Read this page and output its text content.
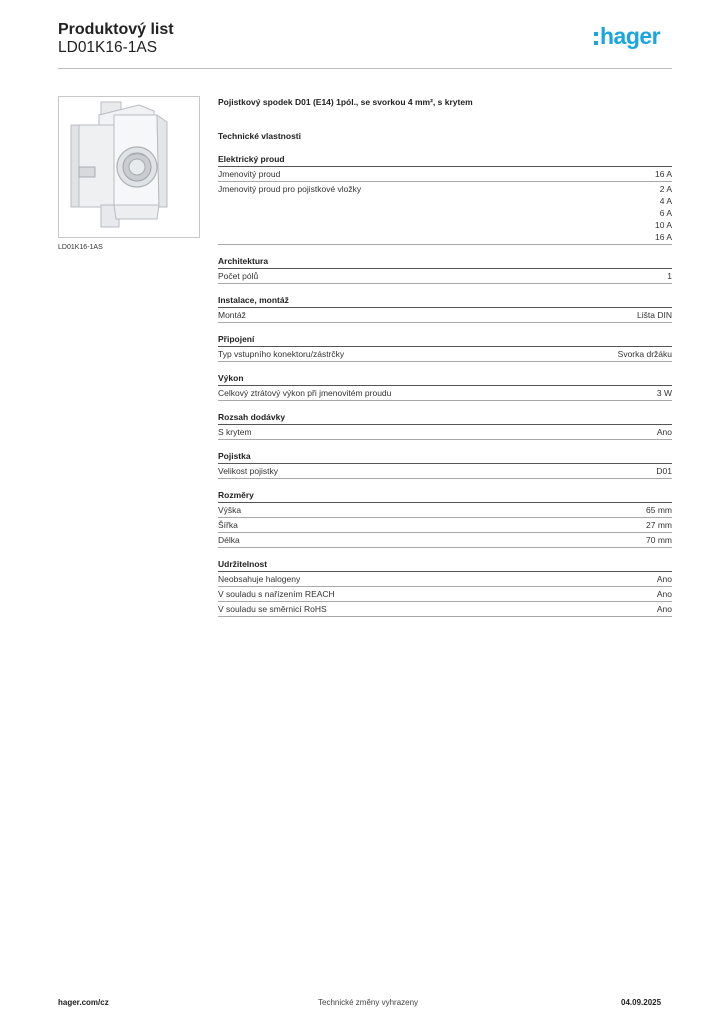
Produktový list
LD01K16-1AS	hager
LD01K16-1AS
Pojistkový spodek D01 (E14) 1pól., se svorkou 4 mm², s krytem
Technické vlastnosti
Elektrický proud
Jmenovitý proud	16 A
Jmenovitý proud pro pojistkové vložky	2 A
4 A
6 A
10 A
16 A
Architektura
Počet pólů	1
Instalace, montáž
Montáž	Lišta DIN
Připojení
Typ vstupního konektoru/zástrčky	Svorka držáku
Výkon
Celkový ztrátový výkon při jmenovitém proudu	3 W
Rozsah dodávky
S krytem	Ano
Pojistka
Velikost pojistky	D01
Rozměry
Výška	65 mm
Šířka	27 mm
Délka	70 mm
Udržitelnost
Neobsahuje halogeny	Ano
V souladu s nařízením REACH	Ano
V souladu se směrnicí RoHS	Ano
hager.com/cz	Technické změny vyhrazeny	04.09.2025
